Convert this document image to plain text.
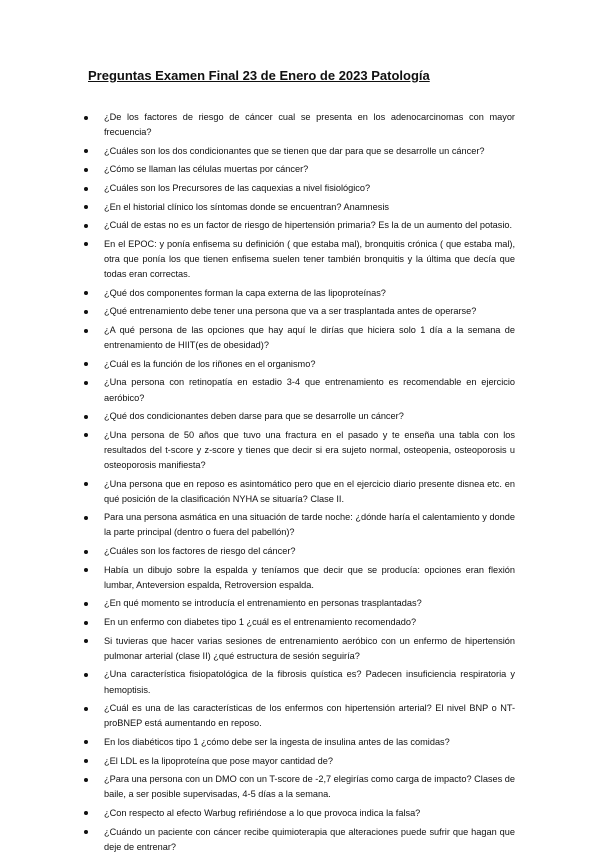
Preguntas Examen Final 23 de Enero de 2023 Patología
¿De los factores de riesgo de cáncer cual se presenta en los adenocarcinomas con mayor frecuencia?
¿Cuáles son los dos condicionantes que se tienen que dar para que se desarrolle un cáncer?
¿Cómo se llaman las células muertas por cáncer?
¿Cuáles son los Precursores de las caquexias a nivel fisiológico?
¿En el historial clínico los síntomas donde se encuentran? Anamnesis
¿Cuál de estas no es un factor de riesgo de hipertensión primaria? Es la de un aumento del potasio.
En el EPOC: y ponía enfisema su definición ( que estaba mal), bronquitis crónica ( que estaba mal), otra que ponía los que tienen enfisema suelen tener también bronquitis y la última que decía que todas eran correctas.
¿Qué dos componentes forman la capa externa de las lipoproteínas?
¿Qué entrenamiento debe tener una persona que va a ser trasplantada antes de operarse?
¿A qué persona de las opciones que hay aquí le dirías que hiciera solo 1 día a la semana de entrenamiento de HIIT(es de obesidad)?
¿Cuál es la función de los riñones en el organismo?
¿Una persona con retinopatía en estadio 3-4 que entrenamiento es recomendable en ejercicio aeróbico?
¿Qué dos condicionantes deben darse para que se desarrolle un cáncer?
¿Una persona de 50 años que tuvo una fractura en el pasado y te enseña una tabla con los resultados del t-score y z-score y tienes que decir si era sujeto normal, osteopenia, osteoporosis u osteoporosis manifiesta?
¿Una persona que en reposo es asintomático pero que en el ejercicio diario presente disnea etc. en qué posición de la clasificación NYHA se situaría? Clase II.
Para una persona asmática en una situación de tarde noche: ¿dónde haría el calentamiento y donde la parte principal (dentro o fuera del pabellón)?
¿Cuáles son los factores de riesgo del cáncer?
Había un dibujo sobre la espalda y teníamos que decir que se producía: opciones eran flexión lumbar, Anteversion espalda, Retroversion espalda.
¿En qué momento se introducía el entrenamiento en personas trasplantadas?
En un enfermo con diabetes tipo 1 ¿cuál es el entrenamiento recomendado?
Si tuvieras que hacer varias sesiones de entrenamiento aeróbico con un enfermo de hipertensión pulmonar arterial (clase II) ¿qué estructura de sesión seguiría?
¿Una característica fisiopatológica de la fibrosis quística es? Padecen insuficiencia respiratoria y hemoptisis.
¿Cuál es una de las características de los enfermos con hipertensión arterial? El nivel BNP o NT-proBNEP está aumentando en reposo.
En los diabéticos tipo 1 ¿cómo debe ser la ingesta de insulina antes de las comidas?
¿El LDL es la lipoproteína que pose mayor cantidad de?
¿Para una persona con un DMO con un T-score de -2,7 elegirías como carga de impacto? Clases de baile, a ser posible supervisadas, 4-5 días a la semana.
¿Con respecto al efecto Warbug refiriéndose a lo que provoca indica la falsa?
¿Cuándo un paciente con cáncer recibe quimioterapia que alteraciones puede sufrir que hagan que deje de entrenar?
